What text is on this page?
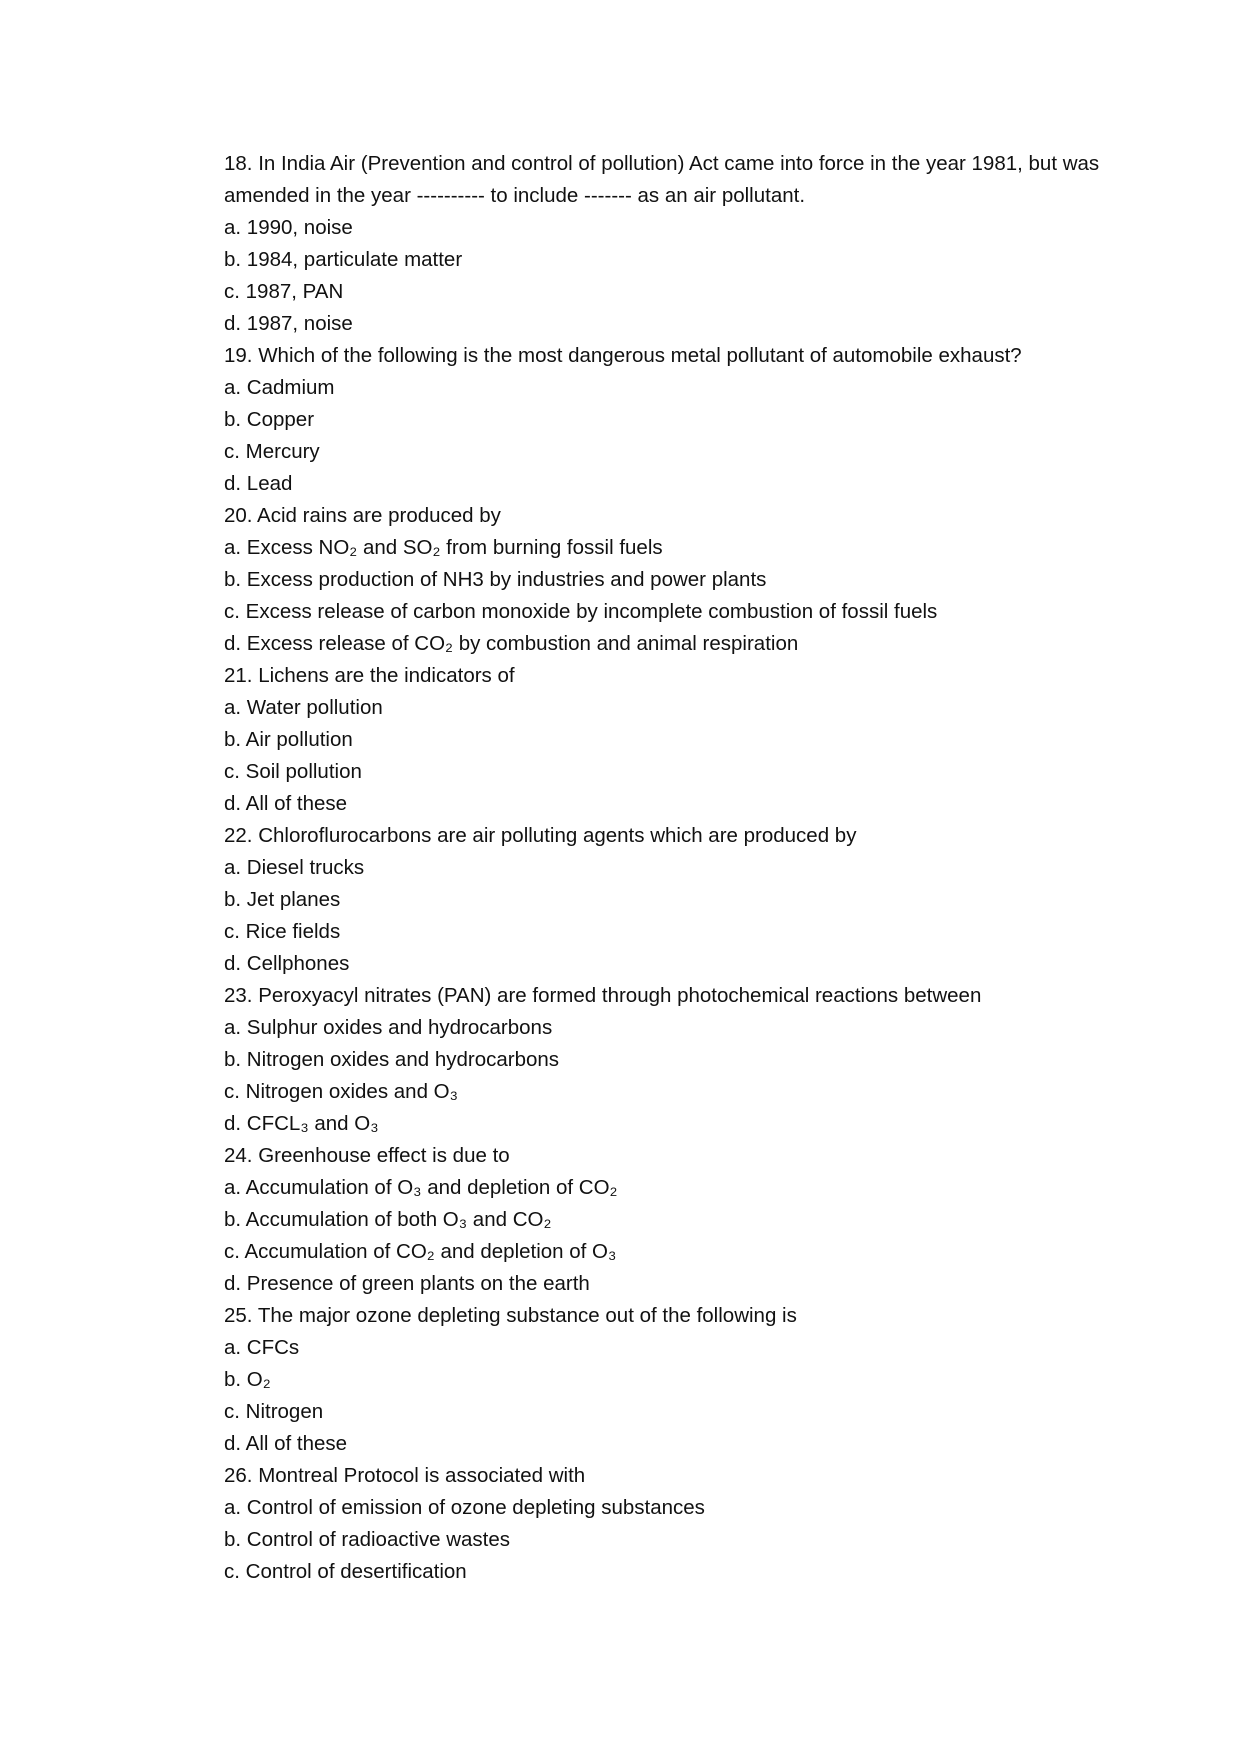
18. In India Air (Prevention and control of pollution) Act came into force in the year 1981, but was amended in the year ---------- to include ------- as an air pollutant.

a. 1990, noise

b. 1984, particulate matter

c. 1987, PAN

d. 1987, noise

19. Which of the following is the most dangerous metal pollutant of automobile exhaust?

a. Cadmium

b. Copper

c. Mercury

d. Lead

20. Acid rains are produced by

a. Excess NO₂ and SO₂ from burning fossil fuels

b. Excess production of NH3 by industries and power plants

c. Excess release of carbon monoxide by incomplete combustion of fossil fuels

d. Excess release of CO₂ by combustion and animal respiration

21. Lichens are the indicators of

a. Water pollution

b. Air pollution

c. Soil pollution

d. All of these

22. Chloroflurocarbons are air polluting agents which are produced by

a. Diesel trucks

b. Jet planes

c. Rice fields

d. Cellphones

23. Peroxyacyl nitrates (PAN) are formed through photochemical reactions between

a. Sulphur oxides and hydrocarbons

b. Nitrogen oxides and hydrocarbons

c. Nitrogen oxides and O₃

d. CFCL₃ and O₃

24. Greenhouse effect is due to

a. Accumulation of O₃ and depletion of CO₂

b. Accumulation of both O₃ and CO₂

c. Accumulation of CO₂ and depletion of O₃

d. Presence of green plants on the earth

25. The major ozone depleting substance out of the following is

a. CFCs

b. O₂

c. Nitrogen

d. All of these

26. Montreal Protocol is associated with

a. Control of emission of ozone depleting substances

b. Control of radioactive wastes

c. Control of desertification
